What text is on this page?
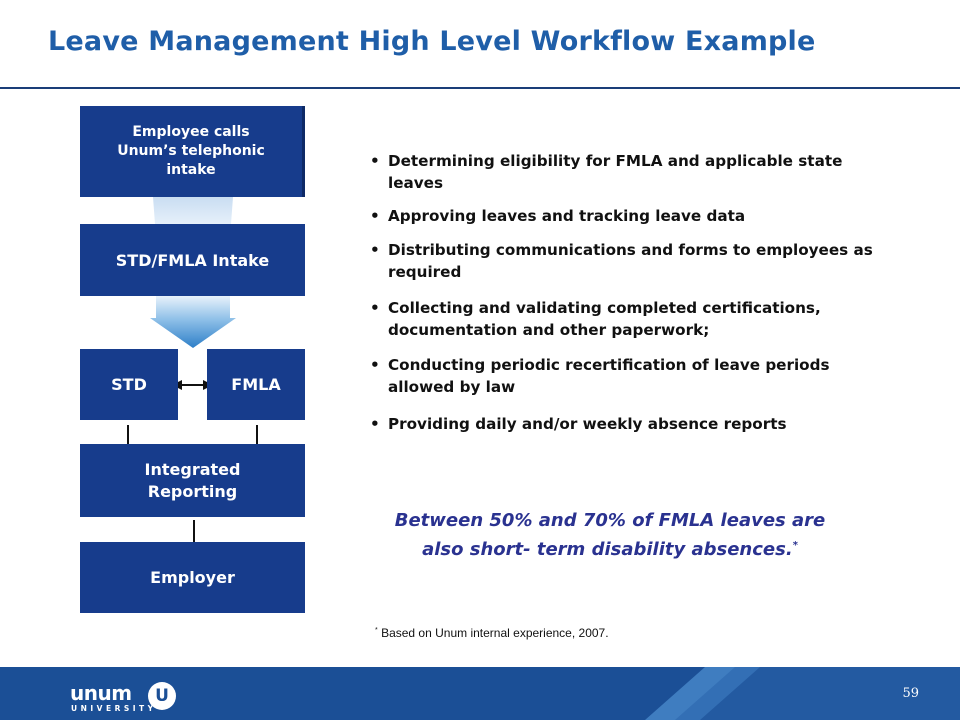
Leave Management High Level Workflow Example
Employee calls Unum’s telephonic intake
STD/FMLA Intake
STD	FMLA
Integrated Reporting
Employer
• Determining eligibility for FMLA and applicable state leaves
• Approving leaves and tracking leave data
• Distributing communications and forms to employees as required
• Collecting and validating completed certifications, documentation and other paperwork;
• Conducting periodic recertification of leave periods allowed by law
• Providing daily and/or weekly absence reports
Between 50% and 70% of FMLA leaves are also short- term disability absences.*
* Based on Unum internal experience, 2007.
unum	U
UNIVERSITY
59
